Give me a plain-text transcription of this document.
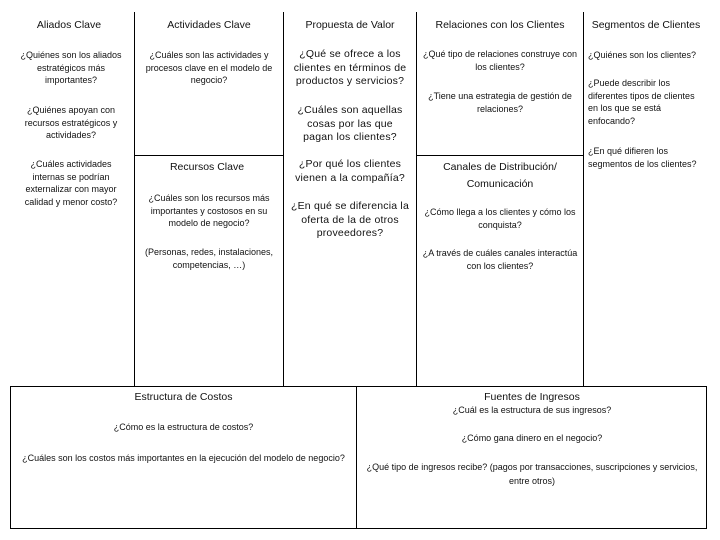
Aliados Clave
¿Quiénes son los aliados estratégicos más importantes?
¿Quiénes apoyan con recursos estratégicos y actividades?
¿Cuáles actividades internas se podrían externalizar con mayor calidad y menor costo?
Actividades Clave
¿Cuáles son las actividades y procesos clave en el modelo de negocio?
Recursos Clave
¿Cuáles son los recursos más importantes y costosos en su modelo de negocio?
(Personas, redes, instalaciones, competencias, …)
Propuesta de Valor
¿Qué se ofrece a los clientes en términos de productos y servicios?
¿Cuáles son aquellas cosas por las que pagan los clientes?
¿Por qué los clientes vienen a la compañía?
¿En qué se diferencia la oferta de la de otros proveedores?
Relaciones con los Clientes
¿Qué tipo de relaciones construye con los clientes?
¿Tiene una estrategia de gestión de relaciones?
Canales de Distribución/ Comunicación
¿Cómo llega a los clientes y cómo los conquista?
¿A través de cuáles canales interactúa con los clientes?
Segmentos de Clientes
¿Quiénes son los clientes?
¿Puede describir los diferentes tipos de clientes en los que se está enfocando?
¿En qué difieren los segmentos de los clientes?
Estructura de Costos
¿Cómo es la estructura de costos?
¿Cuáles son los costos más importantes en la ejecución del modelo de negocio?
Fuentes de Ingresos
¿Cuál es la estructura de sus ingresos?
¿Cómo gana dinero en el negocio?
¿Qué tipo de ingresos recibe? (pagos por transacciones, suscripciones y servicios, entre otros)
